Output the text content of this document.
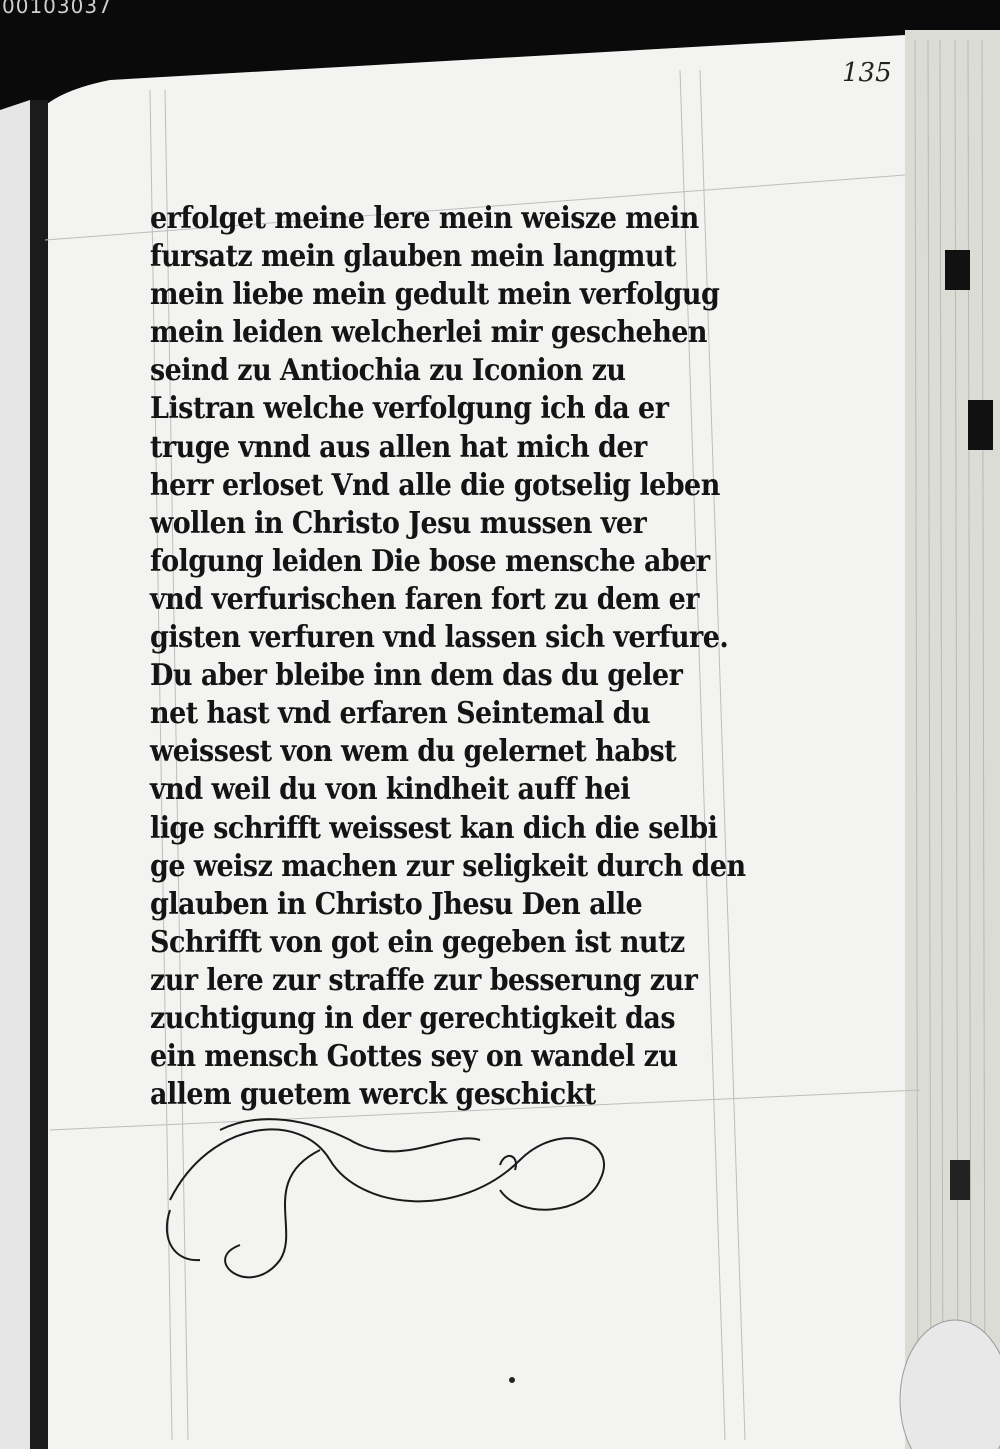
00103037
135
erfolget meine lere mein weisze mein
fursatz mein glauben mein langmut
mein liebe mein gedult mein verfolgug
mein leiden welcherlei mir geschehen
seind zu Antiochia zu Iconion zu
Listran welche verfolgung ich da er
truge vnnd aus allen hat mich der
herr erloset Vnd alle die gotselig leben
wollen in Christo Jesu mussen ver
folgung leiden Die bose mensche aber
vnd verfurischen faren fort zu dem er
gisten verfuren vnd lassen sich verfure.
Du aber bleibe inn dem das du geler
net hast vnd erfaren Seintemal du
weissest von wem du gelernet habst
vnd weil du von kindheit auff hei
lige schrifft weissest kan dich die selbi
ge weisz machen zur seligkeit durch den
glauben in Christo Jhesu Den alle
Schrifft von got ein gegeben ist nutz
zur lere zur straffe zur besserung zur
zuchtigung in der gerechtigkeit das
ein mensch Gottes sey on wandel zu
allem guetem werck geschickt
